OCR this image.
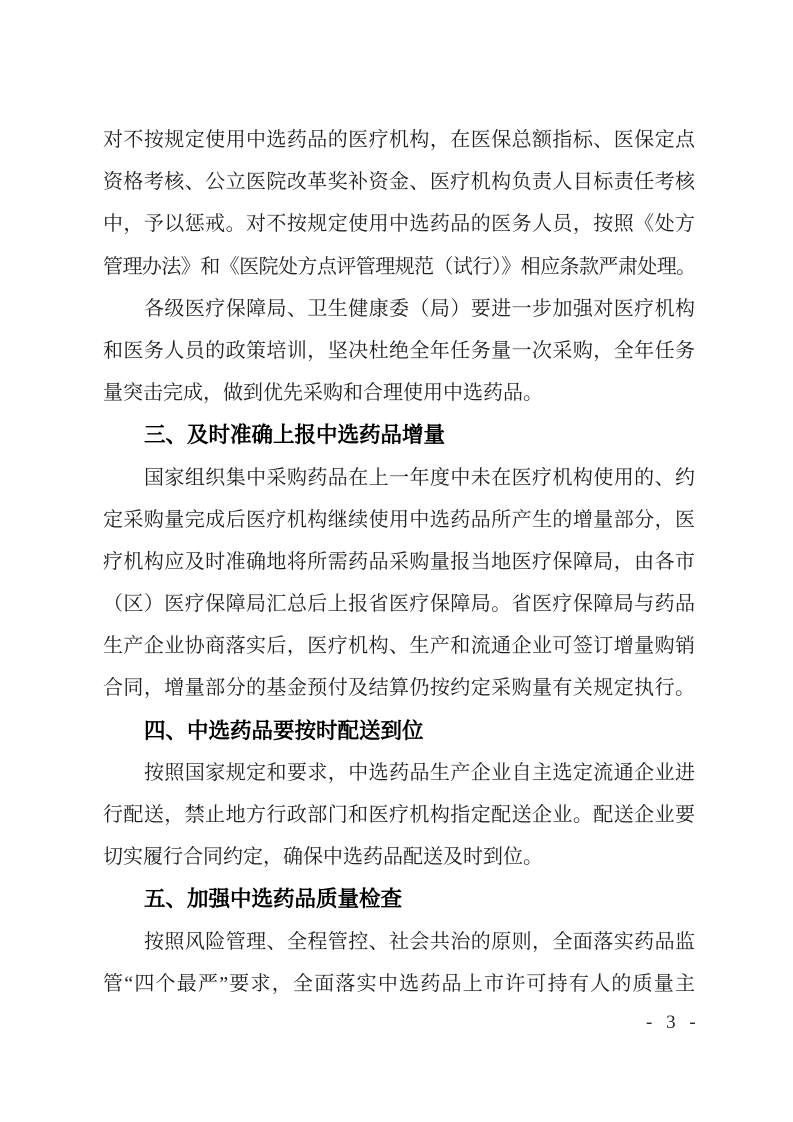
对不按规定使用中选药品的医疗机构，在医保总额指标、医保定点
资格考核、公立医院改革奖补资金、医疗机构负责人目标责任考核
中，予以惩戒。对不按规定使用中选药品的医务人员，按照《处方
管理办法》和《医院处方点评管理规范（试行）》相应条款严肃处理。
各级医疗保障局、卫生健康委（局）要进一步加强对医疗机构
和医务人员的政策培训，坚决杜绝全年任务量一次采购，全年任务
量突击完成，做到优先采购和合理使用中选药品。
三、及时准确上报中选药品增量
国家组织集中采购药品在上一年度中未在医疗机构使用的、约
定采购量完成后医疗机构继续使用中选药品所产生的增量部分，医
疗机构应及时准确地将所需药品采购量报当地医疗保障局，由各市
（区）医疗保障局汇总后上报省医疗保障局。省医疗保障局与药品
生产企业协商落实后，医疗机构、生产和流通企业可签订增量购销
合同，增量部分的基金预付及结算仍按约定采购量有关规定执行。
四、中选药品要按时配送到位
按照国家规定和要求，中选药品生产企业自主选定流通企业进
行配送，禁止地方行政部门和医疗机构指定配送企业。配送企业要
切实履行合同约定，确保中选药品配送及时到位。
五、加强中选药品质量检查
按照风险管理、全程管控、社会共治的原则，全面落实药品监
管“四个最严”要求，全面落实中选药品上市许可持有人的质量主
- 3 -
